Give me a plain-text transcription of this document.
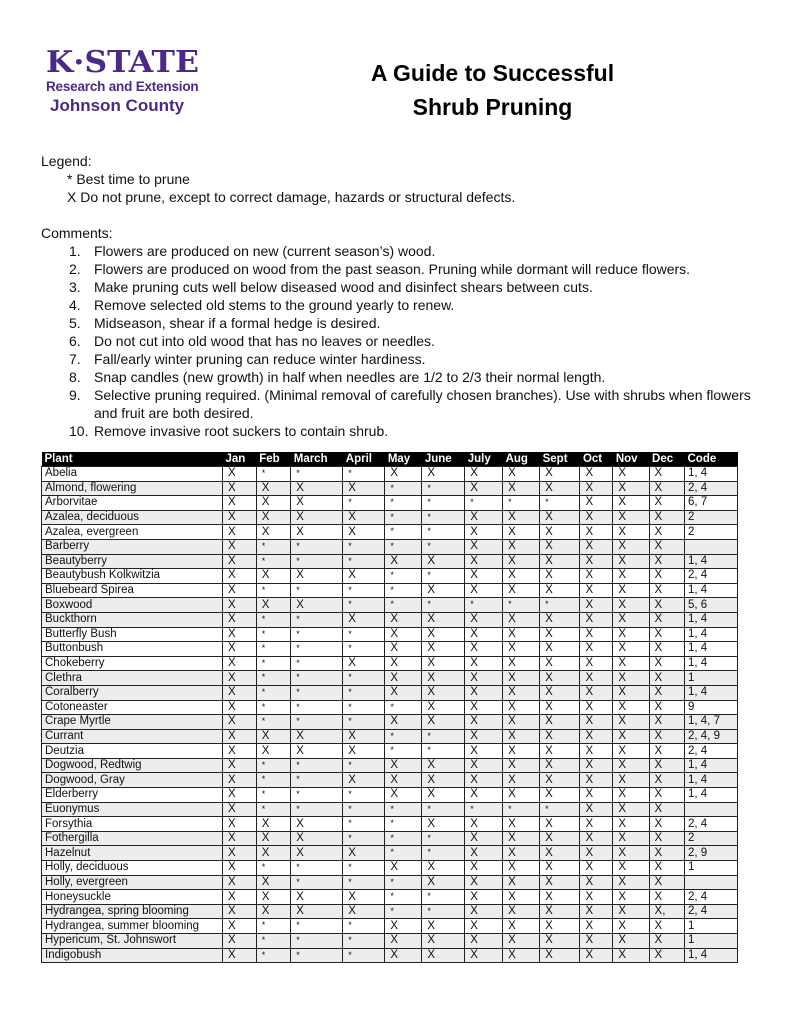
K·STATE
Research and Extension
Johnson County
A Guide to Successful
Shrub Pruning
Legend:
* Best time to prune
X Do not prune, except to correct damage, hazards or structural defects.
Comments:
1. Flowers are produced on new (current season’s) wood.
2. Flowers are produced on wood from the past season. Pruning while dormant will reduce flowers.
3. Make pruning cuts well below diseased wood and disinfect shears between cuts.
4. Remove selected old stems to the ground yearly to renew.
5. Midseason, shear if a formal hedge is desired.
6. Do not cut into old wood that has no leaves or needles.
7. Fall/early winter pruning can reduce winter hardiness.
8. Snap candles (new growth) in half when needles are 1/2 to 2/3 their normal length.
9. Selective pruning required. (Minimal removal of carefully chosen branches). Use with shrubs when flowers and fruit are both desired.
10. Remove invasive root suckers to contain shrub.
Plant	Jan	Feb	March	April	May	June	July	Aug	Sept	Oct	Nov	Dec	Code
Abelia	X	*	*	*	X	X	X	X	X	X	X	X	1, 4
Almond, flowering	X	X	X	X	*	*	X	X	X	X	X	X	2, 4
Arborvitae	X	X	X	*	*	*	*	*	*	X	X	X	6, 7
Azalea, deciduous	X	X	X	X	*	*	X	X	X	X	X	X	2
Azalea, evergreen	X	X	X	X	*	*	X	X	X	X	X	X	2
Barberry	X	*	*	*	*	*	X	X	X	X	X	X	
Beautyberry	X	*	*	*	X	X	X	X	X	X	X	X	1, 4
Beautybush Kolkwitzia	X	X	X	X	*	*	X	X	X	X	X	X	2, 4
Bluebeard Spirea	X	*	*	*	*	X	X	X	X	X	X	X	1, 4
Boxwood	X	X	X	*	*	*	*	*	*	X	X	X	5, 6
Buckthorn	X	*	*	X	X	X	X	X	X	X	X	X	1, 4
Butterfly Bush	X	*	*	*	X	X	X	X	X	X	X	X	1, 4
Buttonbush	X	*	*	*	X	X	X	X	X	X	X	X	1, 4
Chokeberry	X	*	*	X	X	X	X	X	X	X	X	X	1, 4
Clethra	X	*	*	*	X	X	X	X	X	X	X	X	1
Coralberry	X	*	*	*	X	X	X	X	X	X	X	X	1, 4
Cotoneaster	X	*	*	*	*	X	X	X	X	X	X	X	9
Crape Myrtle	X	*	*	*	X	X	X	X	X	X	X	X	1, 4, 7
Currant	X	X	X	X	*	*	X	X	X	X	X	X	2, 4, 9
Deutzia	X	X	X	X	*	*	X	X	X	X	X	X	2, 4
Dogwood, Redtwig	X	*	*	*	X	X	X	X	X	X	X	X	1, 4
Dogwood, Gray	X	*	*	X	X	X	X	X	X	X	X	X	1, 4
Elderberry	X	*	*	*	X	X	X	X	X	X	X	X	1, 4
Euonymus	X	*	*	*	*	*	*	*	*	X	X	X	
Forsythia	X	X	X	*	*	X	X	X	X	X	X	X	2, 4
Fothergilla	X	X	X	*	*	*	X	X	X	X	X	X	2
Hazelnut	X	X	X	X	*	*	X	X	X	X	X	X	2, 9
Holly, deciduous	X	*	*	*	X	X	X	X	X	X	X	X	1
Holly, evergreen	X	X	*	*	*	X	X	X	X	X	X	X	
Honeysuckle	X	X	X	X	*	*	X	X	X	X	X	X	2, 4
Hydrangea, spring blooming	X	X	X	X	*	*	X	X	X	X	X	X,	2, 4
Hydrangea, summer blooming	X	*	*	*	X	X	X	X	X	X	X	X	1
Hypericum, St. Johnswort	X	*	*	*	X	X	X	X	X	X	X	X	1
Indigobush	X	*	*	*	X	X	X	X	X	X	X	X	1, 4
